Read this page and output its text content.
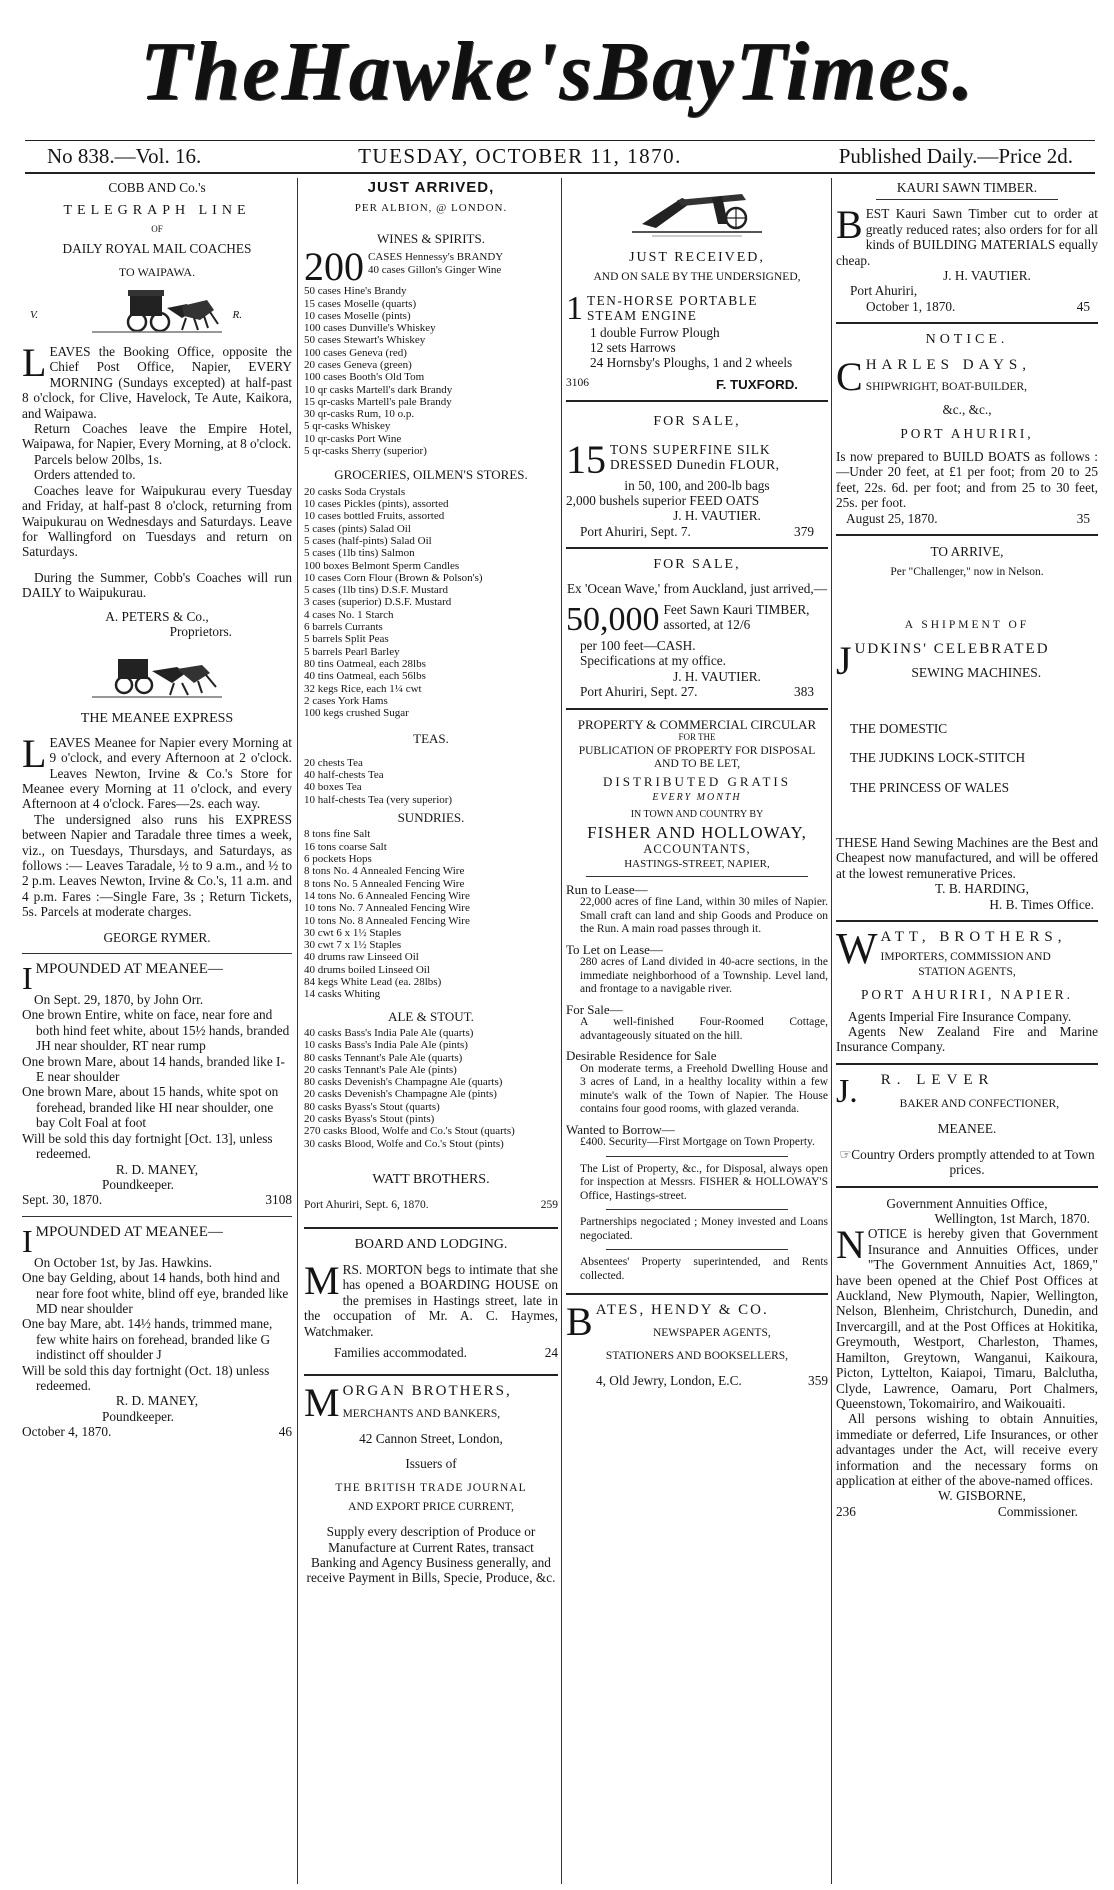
The Hawke's Bay Times.
No 838.—Vol. 16.	TUESDAY, OCTOBER 11, 1870.	Published Daily.—Price 2d.
COBB AND Co.'s
TELEGRAPH LINE
OF
DAILY ROYAL MAIL COACHES
TO WAIPAWA.
V.	R.
LEAVES the Booking Office, opposite the Chief Post Office, Napier, EVERY MORNING (Sundays excepted) at half-past 8 o'clock, for Clive, Havelock, Te Aute, Kaikora, and Waipawa.
Return Coaches leave the Empire Hotel, Waipawa, for Napier, Every Morning, at 8 o'clock.
Parcels below 20lbs, 1s.
Orders attended to.
Coaches leave for Waipukurau every Tuesday and Friday, at half-past 8 o'clock, returning from Waipukurau on Wednesdays and Saturdays. Leave for Wallingford on Tuesdays and return on Saturdays.
During the Summer, Cobb's Coaches will run DAILY to Waipukurau.
A. PETERS & Co.,
Proprietors.
THE MEANEE EXPRESS
LEAVES Meanee for Napier every Morning at 9 o'clock, and every Afternoon at 2 o'clock. Leaves Newton, Irvine & Co.'s Store for Meanee every Morning at 11 o'clock, and every Afternoon at 4 o'clock. Fares—2s. each way.
The undersigned also runs his EXPRESS between Napier and Taradale three times a week, viz., on Tuesdays, Thursdays, and Saturdays, as follows :— Leaves Taradale, ½ to 9 a.m., and ½ to 2 p.m. Leaves Newton, Irvine & Co.'s, 11 a.m. and 4 p.m. Fares :—Single Fare, 3s ; Return Tickets, 5s. Parcels at moderate charges.
GEORGE RYMER.
IMPOUNDED AT MEANEE—
On Sept. 29, 1870, by John Orr.
One brown Entire, white on face, near fore and both hind feet white, about 15½ hands, branded JH near shoulder, RT near rump
One brown Mare, about 14 hands, branded like I-E near shoulder
One brown Mare, about 15 hands, white spot on forehead, branded like HI near shoulder, one bay Colt Foal at foot
Will be sold this day fortnight [Oct. 13], unless redeemed.
R. D. MANEY,
Poundkeeper.
Sept. 30, 1870.	3108
IMPOUNDED AT MEANEE—
On October 1st, by Jas. Hawkins.
One bay Gelding, about 14 hands, both hind and near fore foot white, blind off eye, branded like MD near shoulder
One bay Mare, abt. 14½ hands, trimmed mane, few white hairs on forehead, branded like G indistinct off shoulder J
Will be sold this day fortnight (Oct. 18) unless redeemed.
R. D. MANEY,
Poundkeeper.
October 4, 1870.	46
JUST ARRIVED,
PER ALBION, @ LONDON.
WINES & SPIRITS.
200 CASES Hennessy's BRANDY
40 cases Gillon's Ginger Wine
50 cases Hine's Brandy
15 cases Moselle (quarts)
10 cases Moselle (pints)
100 cases Dunville's Whiskey
50 cases Stewart's Whiskey
100 cases Geneva (red)
20 cases Geneva (green)
100 cases Booth's Old Tom
10 qr casks Martell's dark Brandy
15 qr-casks Martell's pale Brandy
30 qr-casks Rum, 10 o.p.
5 qr-casks Whiskey
10 qr-casks Port Wine
5 qr-casks Sherry (superior)
GROCERIES, OILMEN'S STORES.
20 casks Soda Crystals
10 cases Pickles (pints), assorted
10 cases bottled Fruits, assorted
5 cases (pints) Salad Oil
5 cases (half-pints) Salad Oil
5 cases (1lb tins) Salmon
100 boxes Belmont Sperm Candles
10 cases Corn Flour (Brown & Polson's)
5 cases (1lb tins) D.S.F. Mustard
3 cases (superior) D.S.F. Mustard
4 cases No. 1 Starch
6 barrels Currants
5 barrels Split Peas
5 barrels Pearl Barley
80 tins Oatmeal, each 28lbs
40 tins Oatmeal, each 56lbs
32 kegs Rice, each 1¼ cwt
2 cases York Hams
100 kegs crushed Sugar
TEAS.
20 chests Tea
40 half-chests Tea
40 boxes Tea
10 half-chests Tea (very superior)
SUNDRIES.
8 tons fine Salt
16 tons coarse Salt
6 pockets Hops
8 tons No. 4 Annealed Fencing Wire
8 tons No. 5 Annealed Fencing Wire
14 tons No. 6 Annealed Fencing Wire
10 tons No. 7 Annealed Fencing Wire
10 tons No. 8 Annealed Fencing Wire
30 cwt 6 x 1½ Staples
30 cwt 7 x 1½ Staples
40 drums raw Linseed Oil
40 drums boiled Linseed Oil
84 kegs White Lead (ea. 28lbs)
14 casks Whiting
ALE & STOUT.
40 casks Bass's India Pale Ale (quarts)
10 casks Bass's India Pale Ale (pints)
80 casks Tennant's Pale Ale (quarts)
20 casks Tennant's Pale Ale (pints)
80 casks Devenish's Champagne Ale (quarts)
20 casks Devenish's Champagne Ale (pints)
80 casks Byass's Stout (quarts)
20 casks Byass's Stout (pints)
270 casks Blood, Wolfe and Co.'s Stout (quarts)
30 casks Blood, Wolfe and Co.'s Stout (pints)
WATT BROTHERS.
Port Ahuriri, Sept. 6, 1870.	259
BOARD AND LODGING.
MRS. MORTON begs to intimate that she has opened a BOARDING HOUSE on the premises in Hastings street, late in the occupation of Mr. A. C. Haymes, Watchmaker.
Families accommodated.	24
MORGAN BROTHERS,
MERCHANTS AND BANKERS,
42 Cannon Street, London,
Issuers of
THE BRITISH TRADE JOURNAL
AND EXPORT PRICE CURRENT,
Supply every description of Produce or Manufacture at Current Rates, transact Banking and Agency Business generally, and receive Payment in Bills, Specie, Produce, &c.
JUST RECEIVED,
AND ON SALE BY THE UNDERSIGNED,
1 TEN-HORSE PORTABLE
STEAM ENGINE
1 double Furrow Plough
12 sets Harrows
24 Hornsby's Ploughs, 1 and 2 wheels
3106	F. TUXFORD.
FOR SALE,
15 TONS SUPERFINE SILK
DRESSED Dunedin FLOUR,
in 50, 100, and 200-lb bags
2,000 bushels superior FEED OATS
J. H. VAUTIER.
Port Ahuriri, Sept. 7.	379
FOR SALE,
Ex 'Ocean Wave,' from Auckland, just arrived,—
50,000 Feet Sawn Kauri TIMBER, assorted, at 12/6
per 100 feet—CASH.
Specifications at my office.
J. H. VAUTIER.
Port Ahuriri, Sept. 27.	383
PROPERTY & COMMERCIAL CIRCULAR
FOR THE
PUBLICATION OF PROPERTY FOR DISPOSAL AND TO BE LET,
DISTRIBUTED GRATIS
EVERY MONTH
IN TOWN AND COUNTRY BY
FISHER AND HOLLOWAY,
ACCOUNTANTS,
HASTINGS-STREET, NAPIER,
Run to Lease—
22,000 acres of fine Land, within 30 miles of Napier. Small craft can land and ship Goods and Produce on the Run. A main road passes through it.
To Let on Lease—
280 acres of Land divided in 40-acre sections, in the immediate neighborhood of a Township. Level land, and frontage to a navigable river.
For Sale—
A well-finished Four-Roomed Cottage, advantageously situated on the hill.
Desirable Residence for Sale
On moderate terms, a Freehold Dwelling House and 3 acres of Land, in a healthy locality within a few minute's walk of the Town of Napier. The House contains four good rooms, with glazed veranda.
Wanted to Borrow—
£400. Security—First Mortgage on Town Property.
The List of Property, &c., for Disposal, always open for inspection at Messrs. FISHER & HOLLOWAY'S Office, Hastings-street.
Partnerships negociated ; Money invested and Loans negociated.
Absentees' Property superintended, and Rents collected.
BATES, HENDY & CO.
NEWSPAPER AGENTS,
STATIONERS AND BOOKSELLERS,
4, Old Jewry, London, E.C.	359
KAURI SAWN TIMBER.
BEST Kauri Sawn Timber cut to order at greatly reduced rates; also orders for for all kinds of BUILDING MATERIALS equally cheap.
J. H. VAUTIER.
Port Ahuriri,
October 1, 1870.	45
NOTICE.
CHARLES DAYS,
SHIPWRIGHT, BOAT-BUILDER,
&c., &c.,
PORT AHURIRI,
Is now prepared to BUILD BOATS as follows :—Under 20 feet, at £1 per foot; from 20 to 25 feet, 22s. 6d. per foot; and from 25 to 30 feet, 25s. per foot.
August 25, 1870.	35
TO ARRIVE,
Per "Challenger," now in Nelson.
A SHIPMENT OF
JUDKINS' CELEBRATED
SEWING MACHINES.
THE DOMESTIC
THE JUDKINS LOCK-STITCH
THE PRINCESS OF WALES
THESE Hand Sewing Machines are the Best and Cheapest now manufactured, and will be offered at the lowest remunerative Prices.
T. B. HARDING,
H. B. Times Office.
WATT, BROTHERS,
IMPORTERS, COMMISSION AND
STATION AGENTS,
PORT AHURIRI, NAPIER.
Agents Imperial Fire Insurance Company.
Agents New Zealand Fire and Marine Insurance Company.
J. R. LEVER
BAKER AND CONFECTIONER,
MEANEE.
☞Country Orders promptly attended to at Town prices.
Government Annuities Office,
Wellington, 1st March, 1870.
NOTICE is hereby given that Government Insurance and Annuities Offices, under "The Government Annuities Act, 1869," have been opened at the Chief Post Offices at Auckland, New Plymouth, Napier, Wellington, Nelson, Blenheim, Christchurch, Dunedin, and Invercargill, and at the Post Offices at Hokitika, Greymouth, Westport, Charleston, Thames, Hamilton, Greytown, Wanganui, Kaikoura, Picton, Lyttelton, Kaiapoi, Timaru, Balclutha, Clyde, Lawrence, Oamaru, Port Chalmers, Queenstown, Tokomairiro, and Waikouaiti.
All persons wishing to obtain Annuities, immediate or deferred, Life Insurances, or other advantages under the Act, will receive every information and the necessary forms on application at either of the above-named offices.
W. GISBORNE,
236	Commissioner.
